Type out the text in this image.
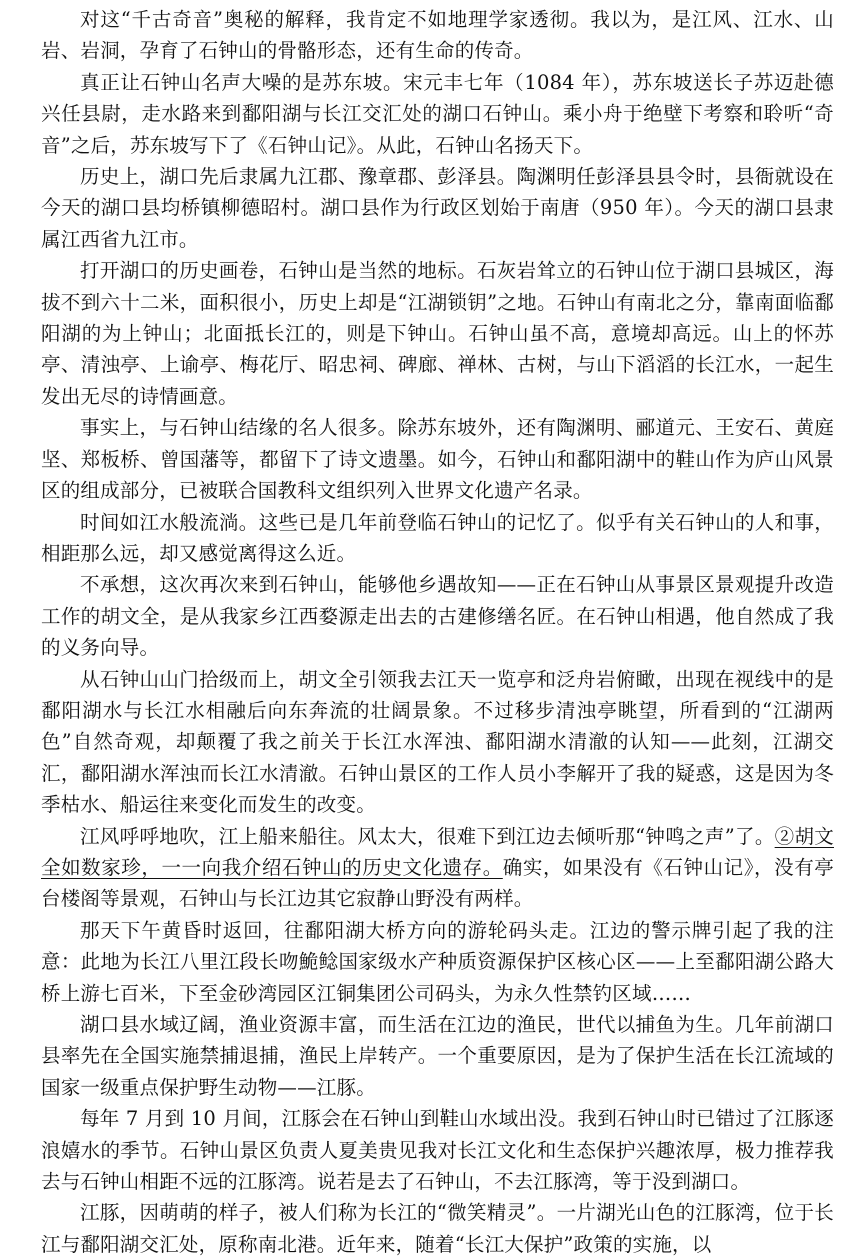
对这“千古奇音”奥秘的解释，我肯定不如地理学家透彻。我以为，是江风、江水、山岩、岩洞，孕育了石钟山的骨骼形态，还有生命的传奇。

真正让石钟山名声大噪的是苏东坡。宋元丰七年（1084 年），苏东坡送长子苏迈赴德兴任县尉，走水路来到鄱阳湖与长江交汇处的湖口石钟山。乘小舟于绝壁下考察和聆听“奇音”之后，苏东坡写下了《石钟山记》。从此，石钟山名扬天下。

历史上，湖口先后隶属九江郡、豫章郡、彭泽县。陶渊明任彭泽县县令时，县衙就设在今天的湖口县均桥镇柳德昭村。湖口县作为行政区划始于南唐（950 年）。今天的湖口县隶属江西省九江市。

打开湖口的历史画卷，石钟山是当然的地标。石灰岩耸立的石钟山位于湖口县城区，海拔不到六十二米，面积很小，历史上却是“江湖锁钥”之地。石钟山有南北之分，靠南面临鄱阳湖的为上钟山；北面抵长江的，则是下钟山。石钟山虽不高，意境却高远。山上的怀苏亭、清浊亭、上谕亭、梅花厅、昭忠祠、碑廊、禅林、古树，与山下滔滔的长江水，一起生发出无尽的诗情画意。

事实上，与石钟山结缘的名人很多。除苏东坡外，还有陶渊明、郦道元、王安石、黄庭坚、郑板桥、曾国藩等，都留下了诗文遗墨。如今，石钟山和鄱阳湖中的鞋山作为庐山风景区的组成部分，已被联合国教科文组织列入世界文化遗产名录。

时间如江水般流淌。这些已是几年前登临石钟山的记忆了。似乎有关石钟山的人和事，相距那么远，却又感觉离得这么近。

不承想，这次再次来到石钟山，能够他乡遇故知——正在石钟山从事景区景观提升改造工作的胡文全，是从我家乡江西婺源走出去的古建修缮名匠。在石钟山相遇，他自然成了我的义务向导。

从石钟山山门拾级而上，胡文全引领我去江天一览亭和泛舟岩俯瞰，出现在视线中的是鄱阳湖水与长江水相融后向东奔流的壮阔景象。不过移步清浊亭眺望，所看到的“江湖两色”自然奇观，却颠覆了我之前关于长江水浑浊、鄱阳湖水清澈的认知——此刻，江湖交汇，鄱阳湖水浑浊而长江水清澈。石钟山景区的工作人员小李解开了我的疑惑，这是因为冬季枯水、船运往来变化而发生的改变。

江风呼呼地吹，江上船来船往。风太大，很难下到江边去倾听那“钟鸣之声”了。②胡文全如数家珍，一一向我介绍石钟山的历史文化遗存。确实，如果没有《石钟山记》，没有亭台楼阁等景观，石钟山与长江边其它寂静山野没有两样。

那天下午黄昏时返回，往鄱阳湖大桥方向的游轮码头走。江边的警示牌引起了我的注意：此地为长江八里江段长吻鮠鲶国家级水产种质资源保护区核心区——上至鄱阳湖公路大桥上游七百米，下至金砂湾园区江铜集团公司码头，为永久性禁钓区域……

湖口县水域辽阔，渔业资源丰富，而生活在江边的渔民，世代以捕鱼为生。几年前湖口县率先在全国实施禁捕退捕，渔民上岸转产。一个重要原因，是为了保护生活在长江流域的国家一级重点保护野生动物——江豚。

每年 7 月到 10 月间，江豚会在石钟山到鞋山水域出没。我到石钟山时已错过了江豚逐浪嬉水的季节。石钟山景区负责人夏美贵见我对长江文化和生态保护兴趣浓厚，极力推荐我去与石钟山相距不远的江豚湾。说若是去了石钟山，不去江豚湾，等于没到湖口。

江豚，因萌萌的样子，被人们称为长江的“微笑精灵”。一片湖光山色的江豚湾，位于长江与鄱阳湖交汇处，原称南北港。近年来，随着“长江大保护”政策的实施，以
